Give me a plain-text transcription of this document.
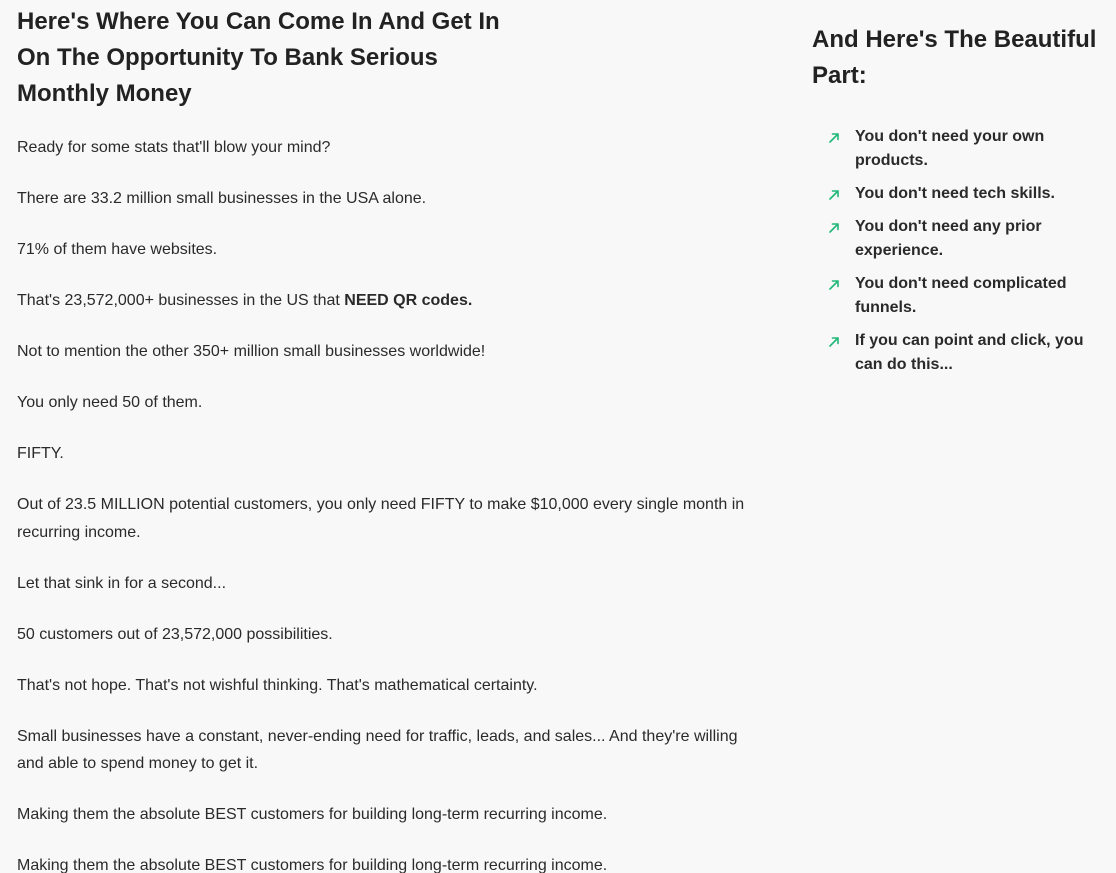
Here's Where You Can Come In And Get In On The Opportunity To Bank Serious Monthly Money

Ready for some stats that'll blow your mind?

There are 33.2 million small businesses in the USA alone.

71% of them have websites.

That's 23,572,000+ businesses in the US that NEED QR codes.

Not to mention the other 350+ million small businesses worldwide!

You only need 50 of them.

FIFTY.

Out of 23.5 MILLION potential customers, you only need FIFTY to make $10,000 every single month in recurring income.

Let that sink in for a second...

50 customers out of 23,572,000 possibilities.

That's not hope. That's not wishful thinking. That's mathematical certainty.

Small businesses have a constant, never-ending need for traffic, leads, and sales... And they're willing and able to spend money to get it.

Making them the absolute BEST customers for building long-term recurring income.

Making them the absolute BEST customers for building long-term recurring income.

And Here's The Beautiful Part:
You don't need your own products.
You don't need tech skills.
You don't need any prior experience.
You don't need complicated funnels.
If you can point and click, you can do this...
